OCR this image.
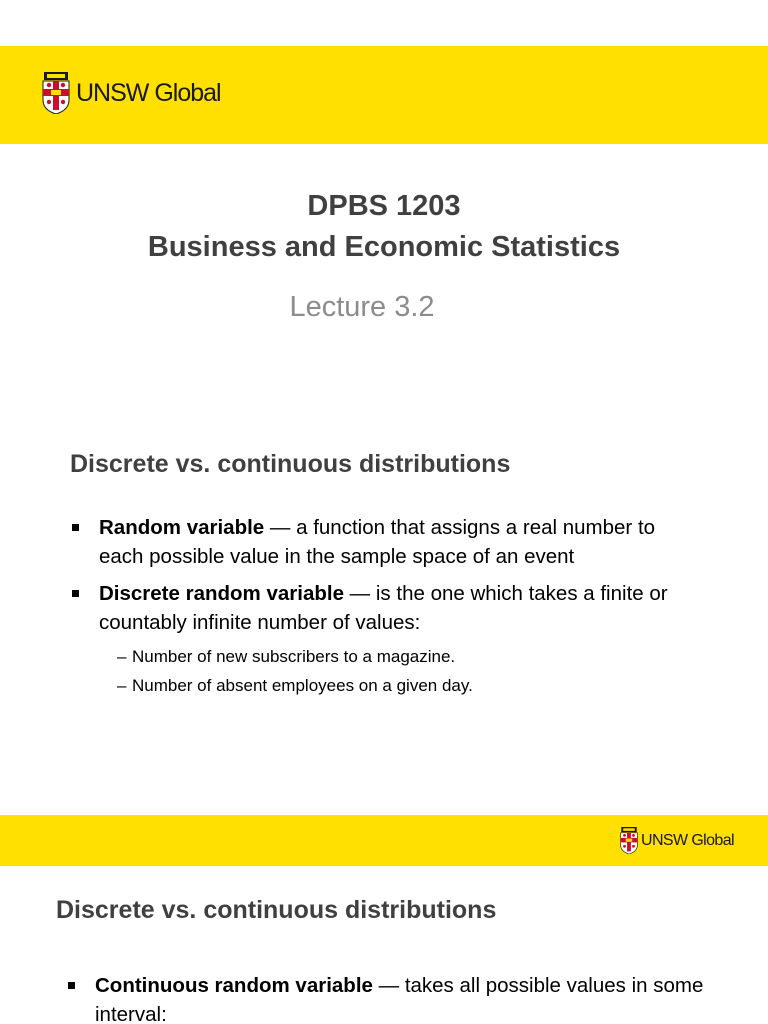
UNSW Global
DPBS 1203
Business and Economic Statistics
Lecture 3.2
Discrete vs. continuous distributions
Random variable — a function that assigns a real number to each possible value in the sample space of an event
Discrete random variable — is the one which takes a finite or countably infinite number of values:
– Number of new subscribers to a magazine.
– Number of absent employees on a given day.
UNSW Global
Discrete vs. continuous distributions
Continuous random variable — takes all possible values in some interval:
